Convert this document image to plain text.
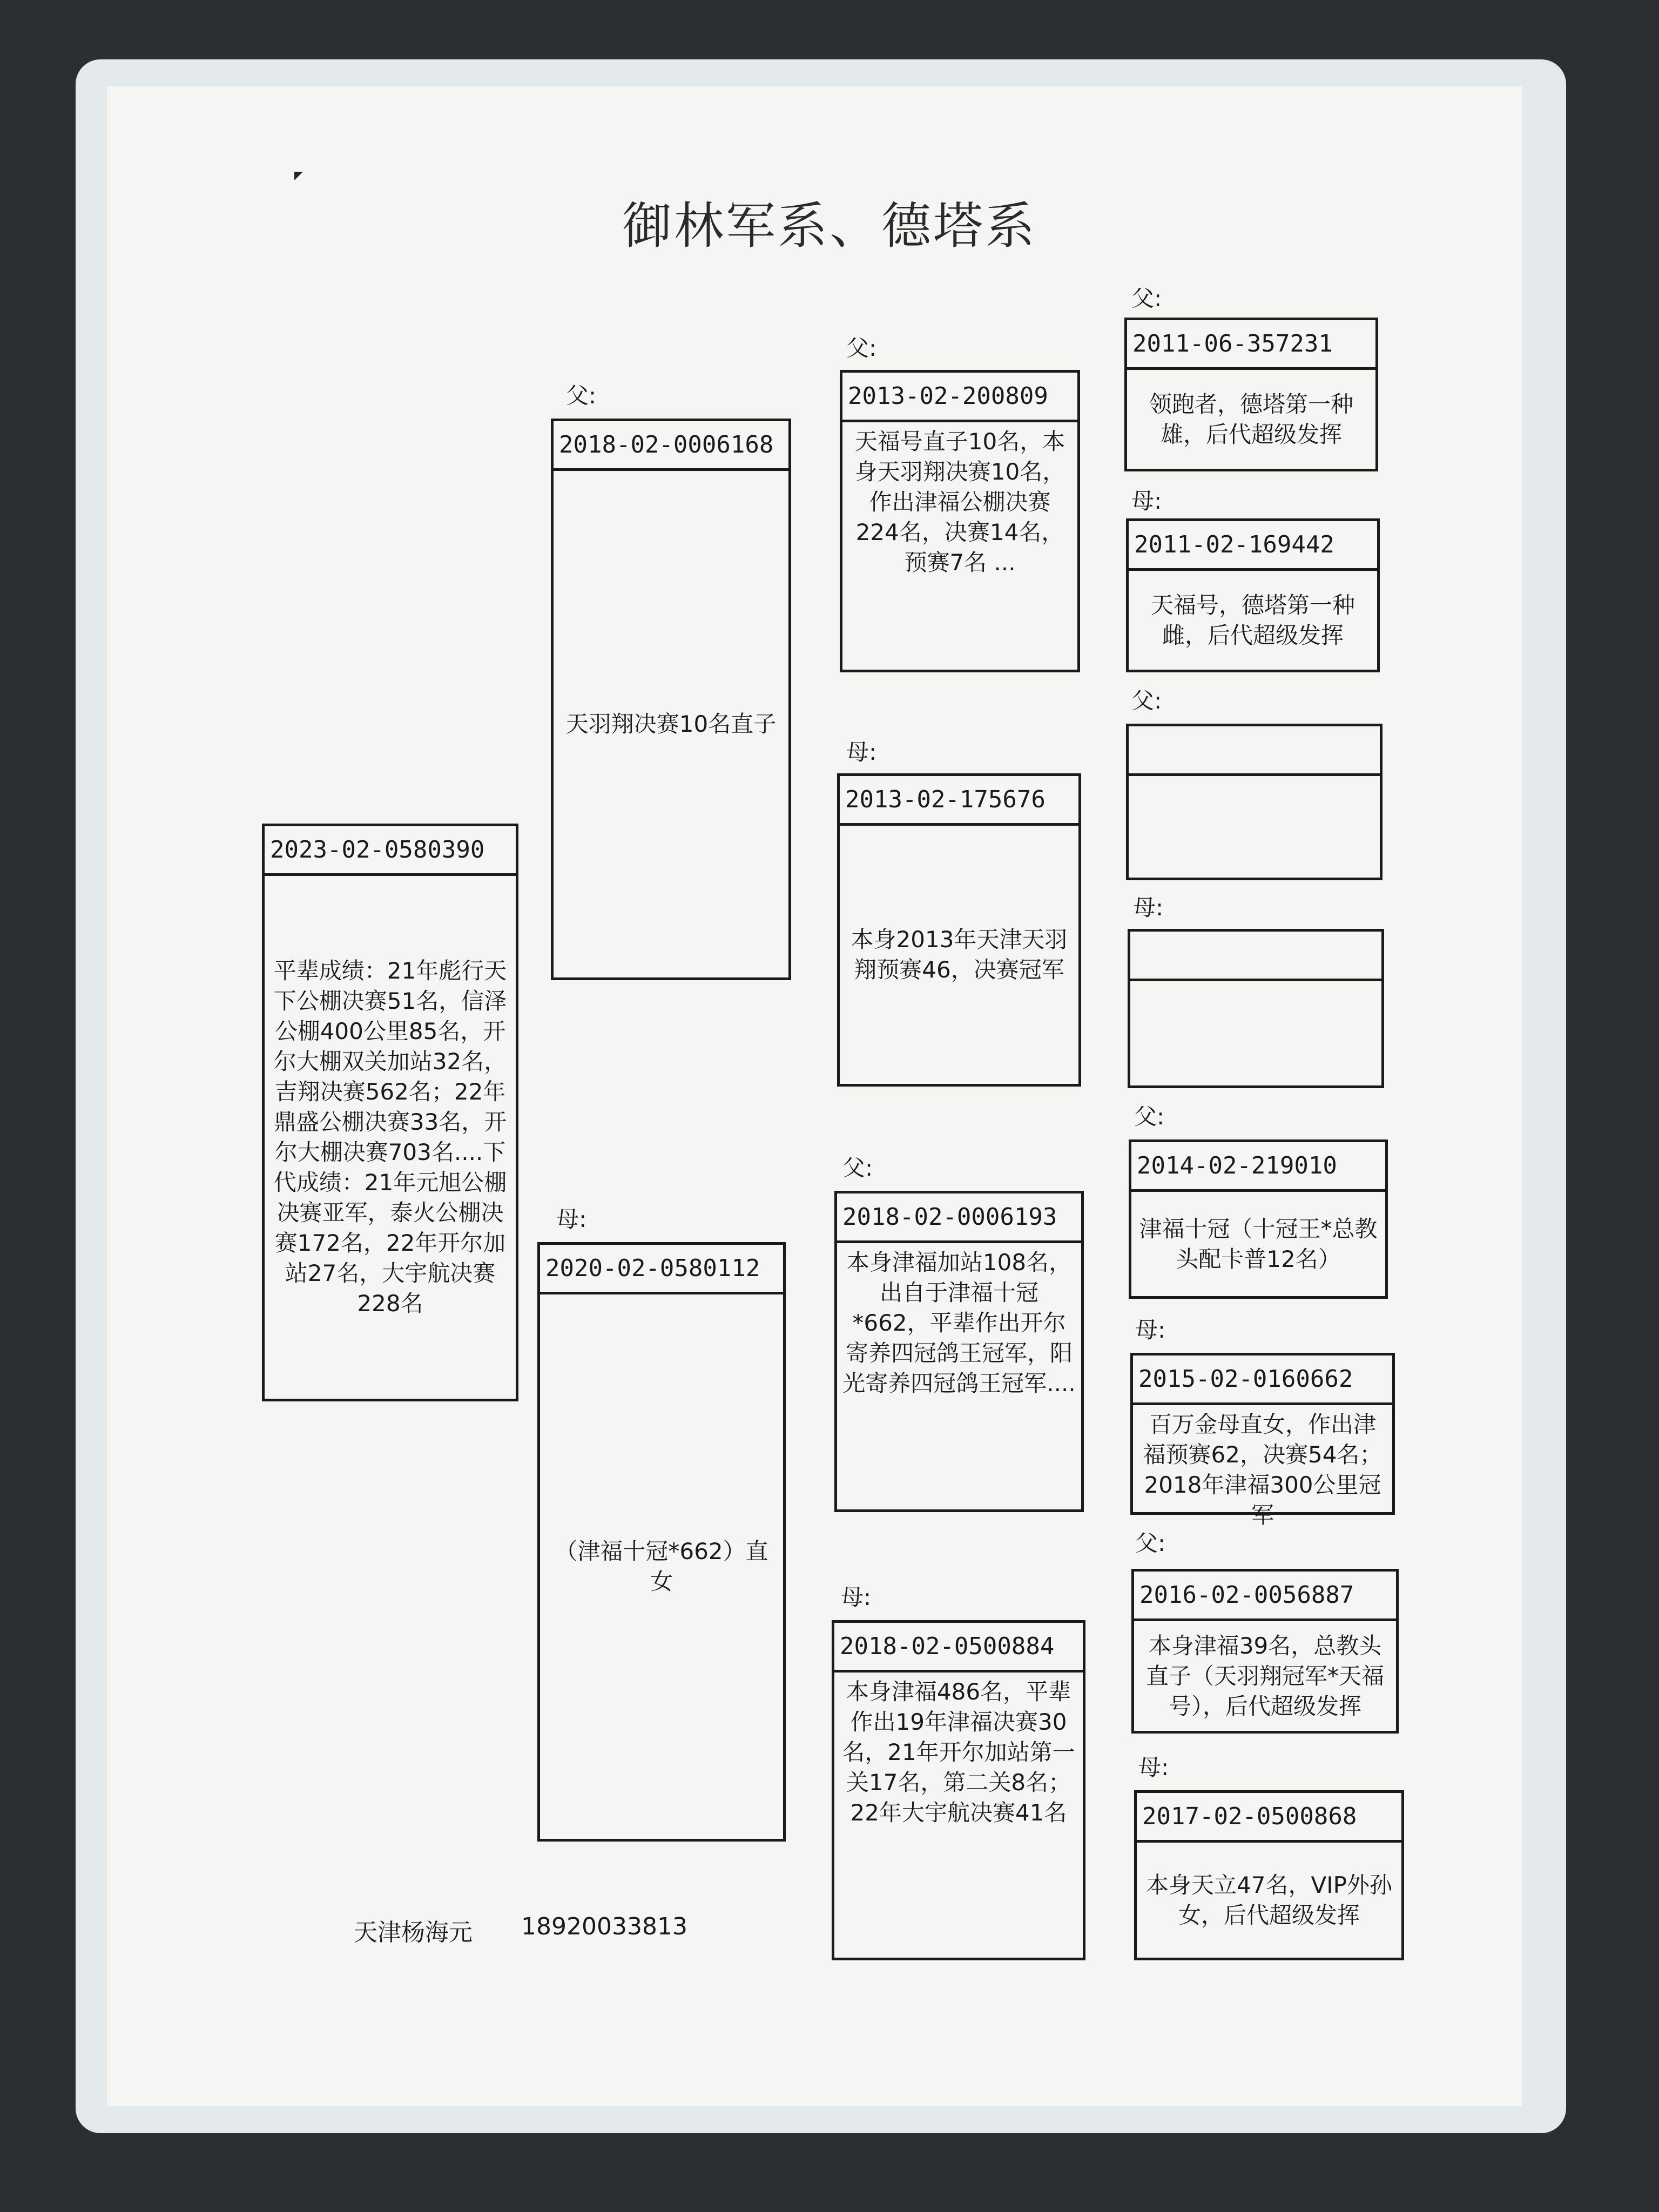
御林军系、德塔系
2023-02-0580390
平辈成绩：21年彪行天下公棚决赛51名，信泽公棚400公里85名，开尔大棚双关加站32名，吉翔决赛562名；22年鼎盛公棚决赛33名，开尔大棚决赛703名....下代成绩：21年元旭公棚决赛亚军，泰火公棚决赛172名，22年开尔加站27名，大宇航决赛228名
父:
2018-02-0006168
天羽翔决赛10名直子
母:
2020-02-0580112
（津福十冠*662）直女
父:
2013-02-200809
天福号直子10名，本身天羽翔决赛10名，作出津福公棚决赛224名，决赛14名，预赛7名 ...
母:
2013-02-175676
本身2013年天津天羽翔预赛46，决赛冠军
父:
2018-02-0006193
本身津福加站108名，出自于津福十冠*662，平辈作出开尔寄养四冠鸽王冠军，阳光寄养四冠鸽王冠军....
母:
2018-02-0500884
本身津福486名，平辈作出19年津福决赛30名，21年开尔加站第一关17名，第二关8名；22年大宇航决赛41名
父:
2011-06-357231
领跑者，德塔第一种雄，后代超级发挥
母:
2011-02-169442
天福号，德塔第一种雌，后代超级发挥
父:
母:
父:
2014-02-219010
津福十冠（十冠王*总教头配卡普12名）
母:
2015-02-0160662
百万金母直女，作出津福预赛62，决赛54名；2018年津福300公里冠军
父:
2016-02-0056887
本身津福39名，总教头直子（天羽翔冠军*天福号），后代超级发挥
母:
2017-02-0500868
本身天立47名，VIP外孙女，后代超级发挥
天津杨海元 18920033813
